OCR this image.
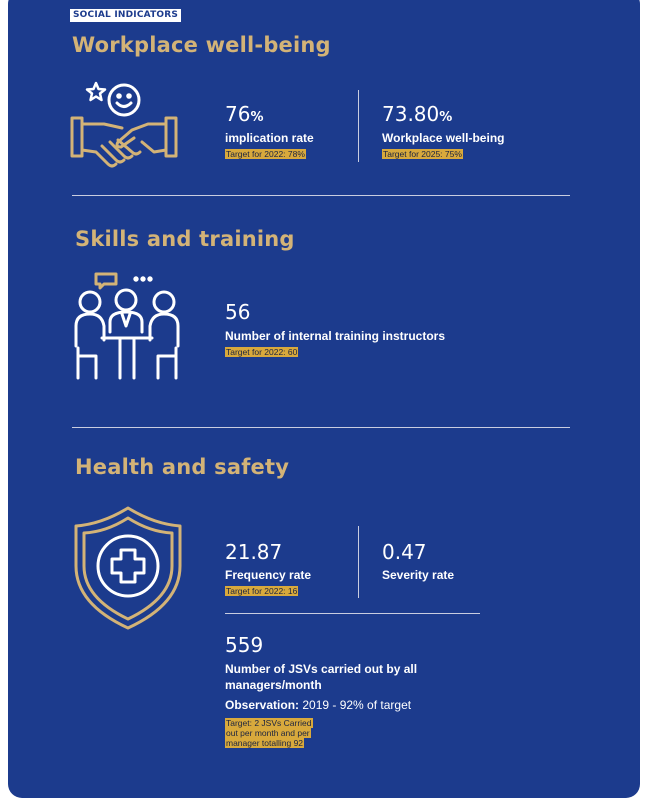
SOCIAL INDICATORS
Workplace well-being
76%
implication rate
Target for 2022: 78%
73.80%
Workplace well-being
Target for 2025: 75%
Skills and training
56
Number of internal training instructors
Target for 2022: 60
Health and safety
21.87
Frequency rate
Target for 2022: 16
0.47
Severity rate
559
Number of JSVs carried out by all
managers/month
Observation: 2019 - 92% of target
Target: 2 JSVs Carried
out per month and per
manager totalling 92
